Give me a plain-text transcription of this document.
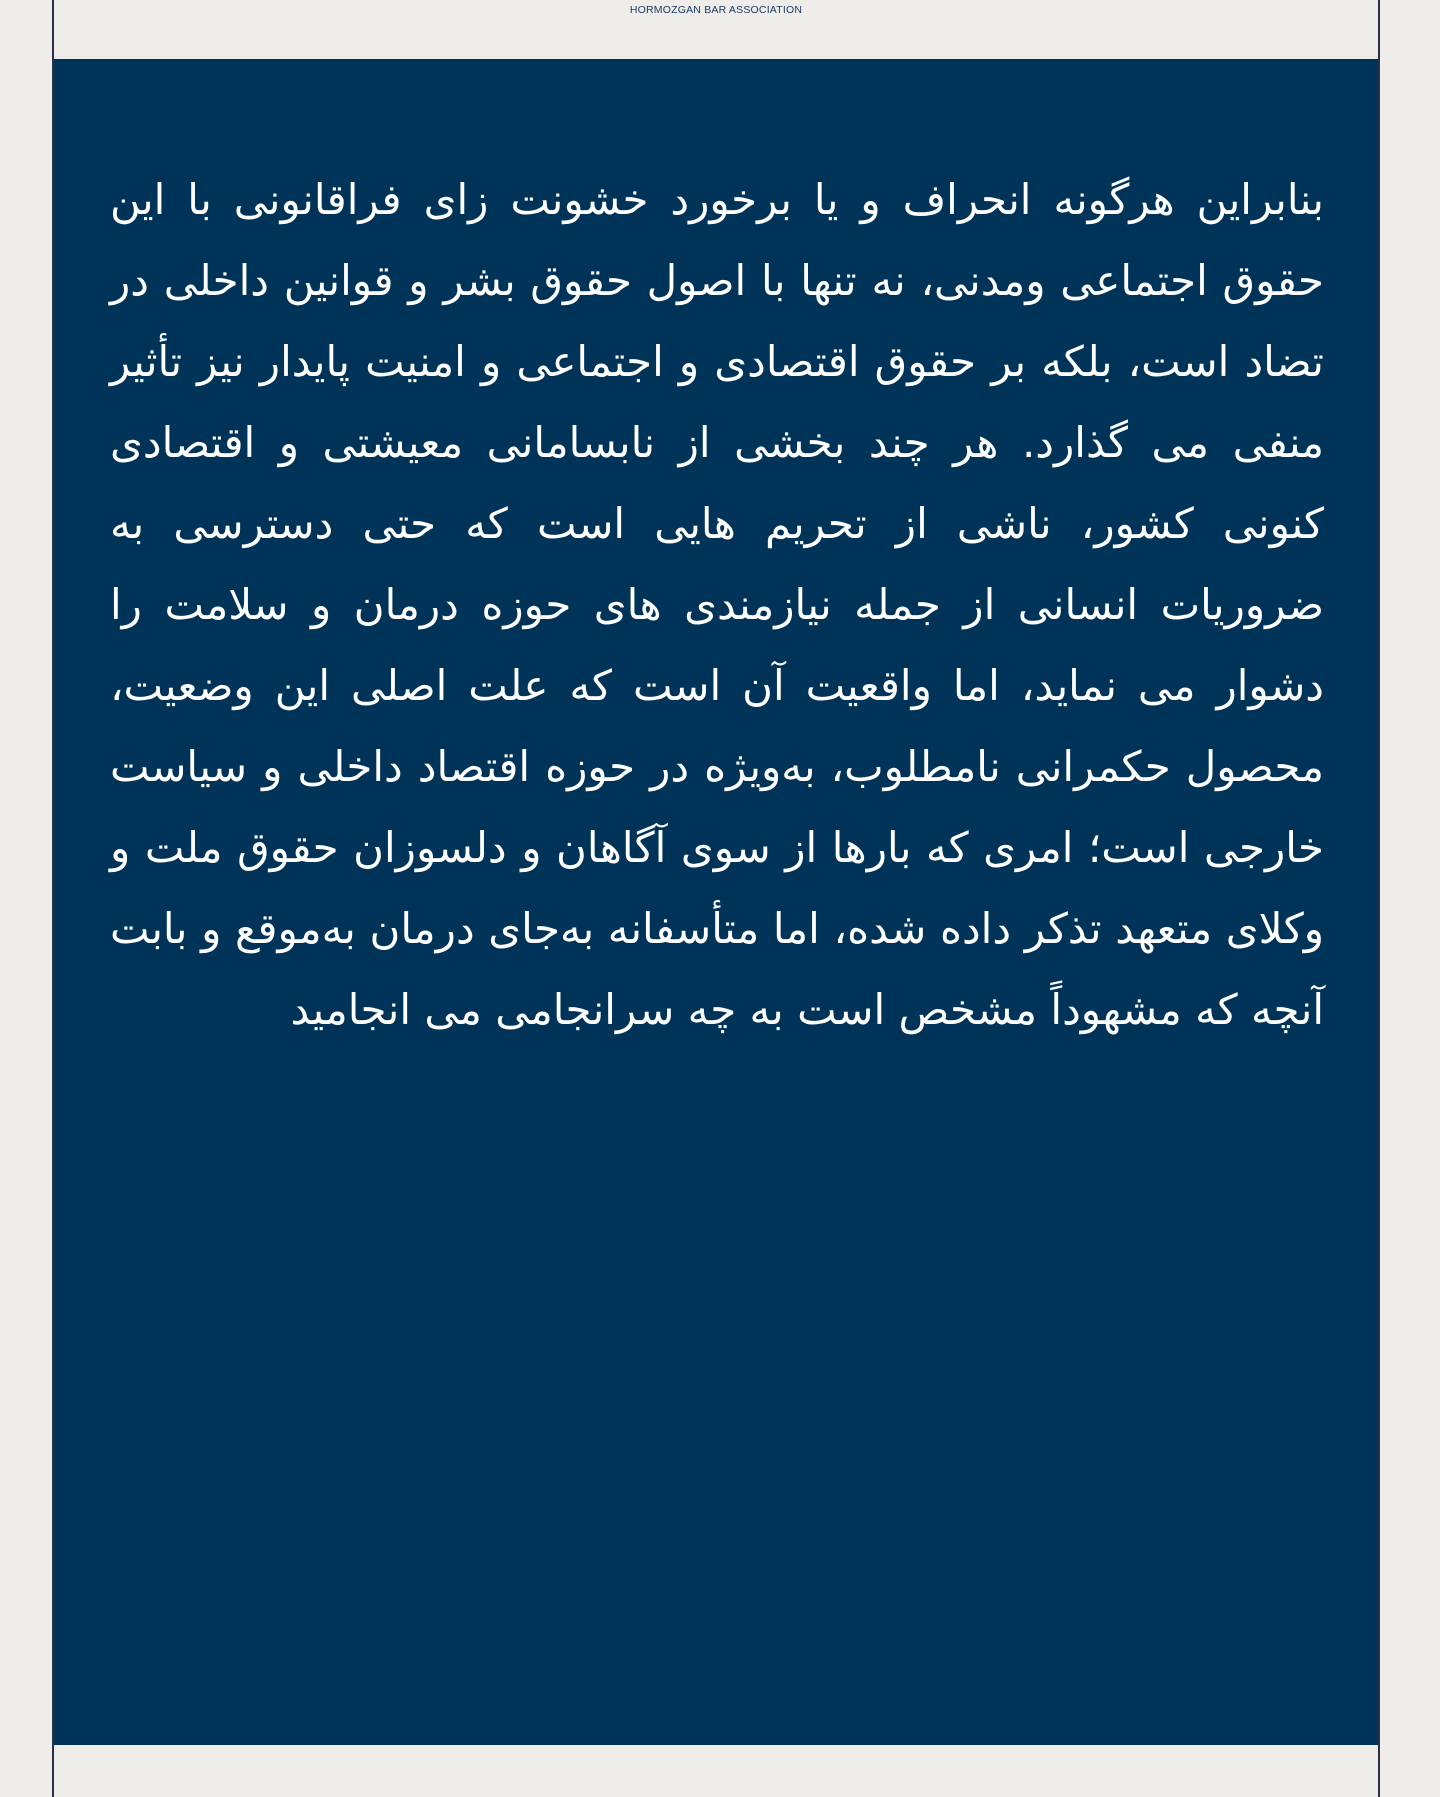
HORMOZGAN BAR ASSOCIATION

بنابراین هرگونه انحراف و یا برخورد خشونت زای فراقانونی با این حقوق اجتماعی ومدنی، نه تنها با اصول حقوق بشر و قوانین داخلی در تضاد است، بلکه بر حقوق اقتصادی و اجتماعی و امنیت پایدار نیز تأثیر منفی می گذارد. هر چند بخشی از نابسامانی معیشتی و اقتصادی کنونی کشور، ناشی از تحریم هایی است که حتی دسترسی به ضروریات انسانی از جمله نیازمندی های حوزه درمان و سلامت را دشوار می نماید، اما واقعیت آن است که علت اصلی این وضعیت، محصول حکمرانی نامطلوب، به‌ویژه در حوزه اقتصاد داخلی و سیاست خارجی است؛ امری که بارها از سوی آگاهان و دلسوزان حقوق ملت و وکلای متعهد تذکر داده شده، اما متأسفانه به‌جای درمان به‌موقع و بابت آنچه که مشهوداً مشخص است به چه سرانجامی می انجامید
